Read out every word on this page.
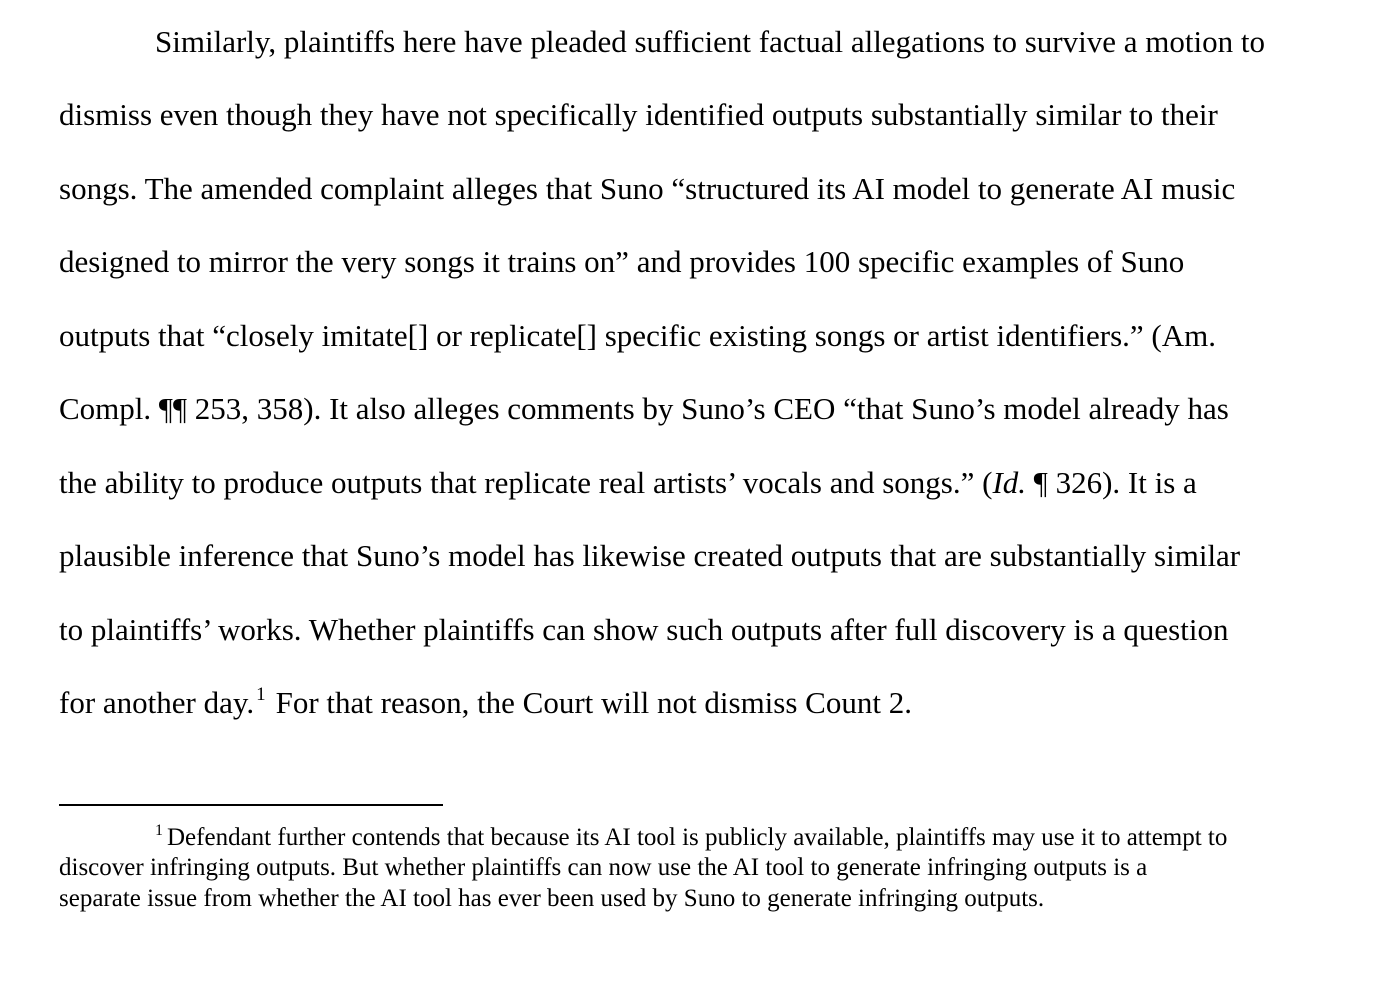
Similarly, plaintiffs here have pleaded sufficient factual allegations to survive a motion to
dismiss even though they have not specifically identified outputs substantially similar to their
songs. The amended complaint alleges that Suno “structured its AI model to generate AI music
designed to mirror the very songs it trains on” and provides 100 specific examples of Suno
outputs that “closely imitate[] or replicate[] specific existing songs or artist identifiers.” (Am.
Compl. ¶¶ 253, 358). It also alleges comments by Suno’s CEO “that Suno’s model already has
the ability to produce outputs that replicate real artists’ vocals and songs.” (Id. ¶ 326). It is a
plausible inference that Suno’s model has likewise created outputs that are substantially similar
to plaintiffs’ works. Whether plaintiffs can show such outputs after full discovery is a question
for another day. $^1$ For that reason, the Court will not dismiss Count 2.
$^1$ Defendant further contends that because its AI tool is publicly available, plaintiffs may use it to attempt to
discover infringing outputs. But whether plaintiffs can now use the AI tool to generate infringing outputs is a
separate issue from whether the AI tool has ever been used by Suno to generate infringing outputs.
